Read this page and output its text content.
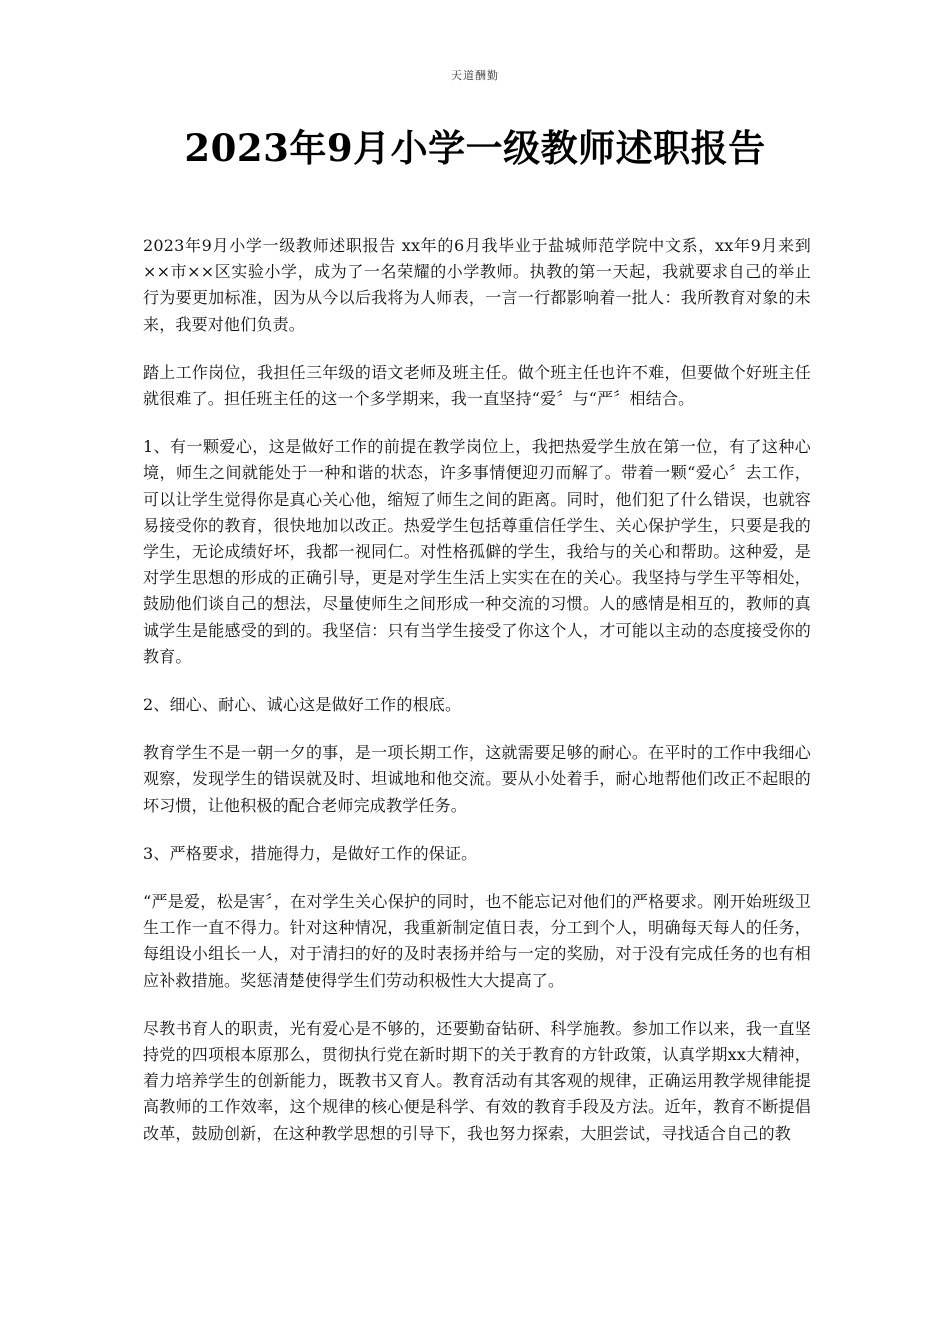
天道酬勤
2023年9月小学一级教师述职报告

2023年9月小学一级教师述职报告 xx年的6月我毕业于盐城师范学院中文系，xx年9月来到××市××区实验小学，成为了一名荣耀的小学教师。执教的第一天起，我就要求自己的举止行为要更加标准，因为从今以后我将为人师表，一言一行都影响着一批人：我所教育对象的未来，我要对他们负责。

踏上工作岗位，我担任三年级的语文老师及班主任。做个班主任也许不难，但要做个好班主任就很难了。担任班主任的这一个多学期来，我一直坚持“爱〞与“严〞相结合。

1、有一颗爱心，这是做好工作的前提在教学岗位上，我把热爱学生放在第一位，有了这种心境，师生之间就能处于一种和谐的状态，许多事情便迎刃而解了。带着一颗“爱心〞去工作，可以让学生觉得你是真心关心他，缩短了师生之间的距离。同时，他们犯了什么错误，也就容易接受你的教育，很快地加以改正。热爱学生包括尊重信任学生、关心保护学生，只要是我的学生，无论成绩好坏，我都一视同仁。对性格孤僻的学生，我给与的关心和帮助。这种爱，是对学生思想的形成的正确引导，更是对学生生活上实实在在的关心。我坚持与学生平等相处，鼓励他们谈自己的想法，尽量使师生之间形成一种交流的习惯。人的感情是相互的，教师的真诚学生是能感受的到的。我坚信：只有当学生接受了你这个人，才可能以主动的态度接受你的教育。

2、细心、耐心、诚心这是做好工作的根底。

教育学生不是一朝一夕的事，是一项长期工作，这就需要足够的耐心。在平时的工作中我细心观察，发现学生的错误就及时、坦诚地和他交流。要从小处着手，耐心地帮他们改正不起眼的坏习惯，让他积极的配合老师完成教学任务。

3、严格要求，措施得力，是做好工作的保证。

“严是爱，松是害〞，在对学生关心保护的同时，也不能忘记对他们的严格要求。刚开始班级卫生工作一直不得力。针对这种情况，我重新制定值日表，分工到个人，明确每天每人的任务，每组设小组长一人，对于清扫的好的及时表扬并给与一定的奖励，对于没有完成任务的也有相应补救措施。奖惩清楚使得学生们劳动积极性大大提高了。

尽教书育人的职责，光有爱心是不够的，还要勤奋钻研、科学施教。参加工作以来，我一直坚持党的四项根本原那么，贯彻执行党在新时期下的关于教育的方针政策，认真学期xx大精神，着力培养学生的创新能力，既教书又育人。教育活动有其客观的规律，正确运用教学规律能提高教师的工作效率，这个规律的核心便是科学、有效的教育手段及方法。近年，教育不断提倡改革，鼓励创新，在这种教学思想的引导下，我也努力探索，大胆尝试，寻找适合自己的教
